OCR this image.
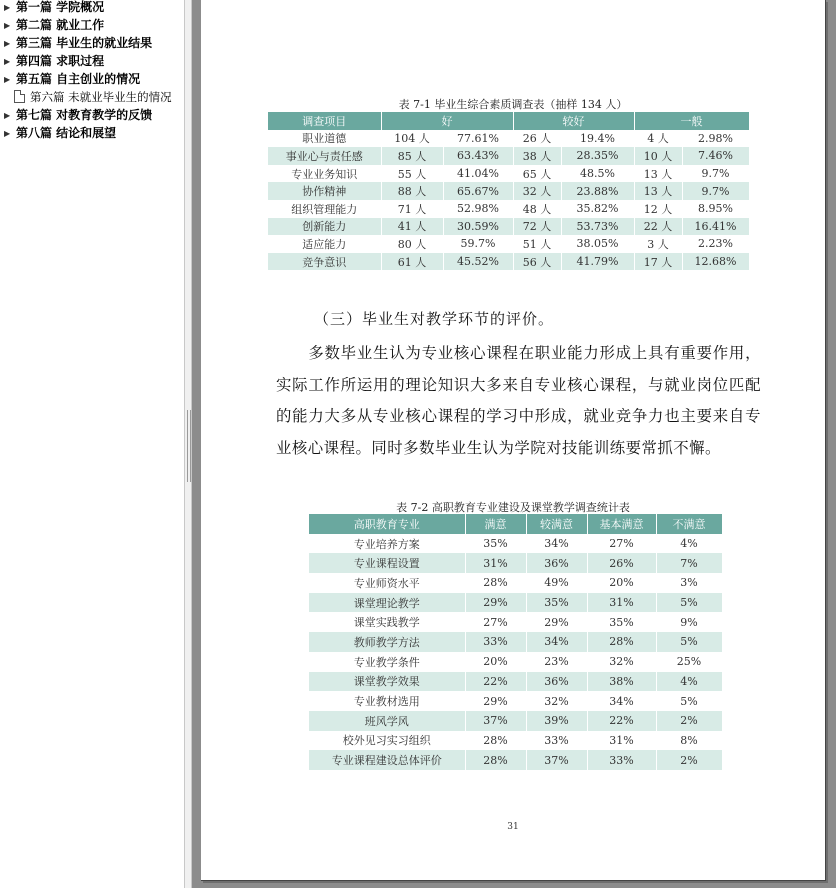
▶ 第一篇 学院概况
▶ 第二篇 就业工作
▶ 第三篇 毕业生的就业结果
▶ 第四篇 求职过程
▶ 第五篇 自主创业的情况
第六篇 未就业毕业生的情况
▶ 第七篇 对教育教学的反馈
▶ 第八篇 结论和展望
表 7-1 毕业生综合素质调查表（抽样 134 人）
调查项目	好		较好		一般	
职业道德	104 人	77.61%	26 人	19.4%	4 人	2.98%
事业心与责任感	85 人	63.43%	38 人	28.35%	10 人	7.46%
专业业务知识	55 人	41.04%	65 人	48.5%	13 人	9.7%
协作精神	88 人	65.67%	32 人	23.88%	13 人	9.7%
组织管理能力	71 人	52.98%	48 人	35.82%	12 人	8.95%
创新能力	41 人	30.59%	72 人	53.73%	22 人	16.41%
适应能力	80 人	59.7%	51 人	38.05%	3 人	2.23%
竞争意识	61 人	45.52%	56 人	41.79%	17 人	12.68%
（三）毕业生对教学环节的评价。

多数毕业生认为专业核心课程在职业能力形成上具有重要作用，实际工作所运用的理论知识大多来自专业核心课程，与就业岗位匹配的能力大多从专业核心课程的学习中形成，就业竞争力也主要来自专业核心课程。同时多数毕业生认为学院对技能训练要常抓不懈。

表 7-2 高职教育专业建设及课堂教学调查统计表
高职教育专业	满意	较满意	基本满意	不满意
专业培养方案	35%	34%	27%	4%
专业课程设置	31%	36%	26%	7%
专业师资水平	28%	49%	20%	3%
课堂理论教学	29%	35%	31%	5%
课堂实践教学	27%	29%	35%	9%
教师教学方法	33%	34%	28%	5%
专业教学条件	20%	23%	32%	25%
课堂教学效果	22%	36%	38%	4%
专业教材选用	29%	32%	34%	5%
班风学风	37%	39%	22%	2%
校外见习实习组织	28%	33%	31%	8%
专业课程建设总体评价	28%	37%	33%	2%
31
